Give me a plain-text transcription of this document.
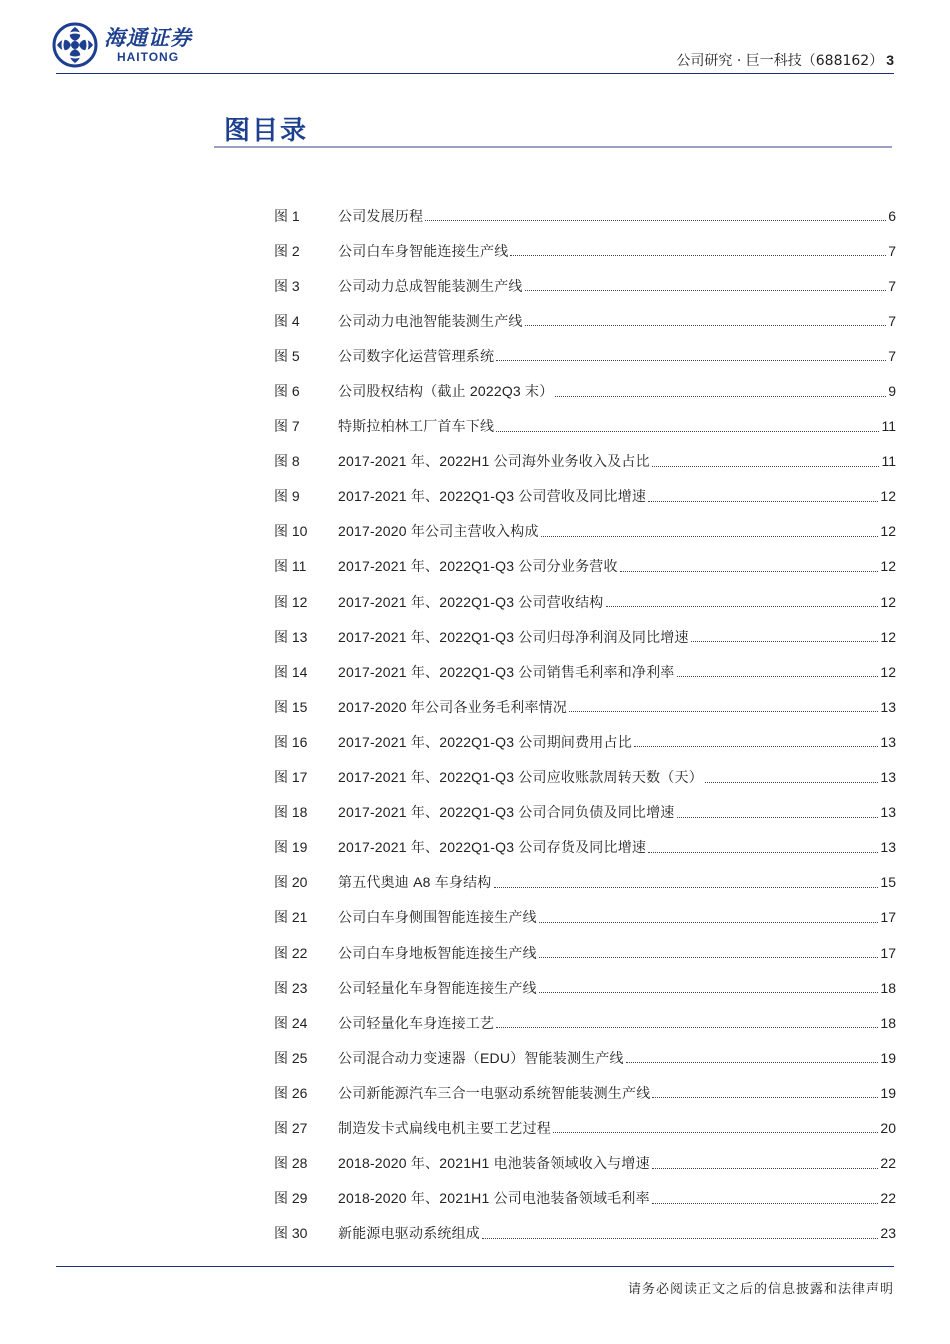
海通证券
HAITONG	公司研究 · 巨一科技（688162） 3
图目录
图 1	公司发展历程	6
图 2	公司白车身智能连接生产线	7
图 3	公司动力总成智能装测生产线	7
图 4	公司动力电池智能装测生产线	7
图 5	公司数字化运营管理系统	7
图 6	公司股权结构（截止 2022Q3 末）	9
图 7	特斯拉柏林工厂首车下线	11
图 8	2017-2021 年、2022H1 公司海外业务收入及占比	11
图 9	2017-2021 年、2022Q1-Q3 公司营收及同比增速	12
图 10	2017-2020 年公司主营收入构成	12
图 11	2017-2021 年、2022Q1-Q3 公司分业务营收	12
图 12	2017-2021 年、2022Q1-Q3 公司营收结构	12
图 13	2017-2021 年、2022Q1-Q3 公司归母净利润及同比增速	12
图 14	2017-2021 年、2022Q1-Q3 公司销售毛利率和净利率	12
图 15	2017-2020 年公司各业务毛利率情况	13
图 16	2017-2021 年、2022Q1-Q3 公司期间费用占比	13
图 17	2017-2021 年、2022Q1-Q3 公司应收账款周转天数（天）	13
图 18	2017-2021 年、2022Q1-Q3 公司合同负债及同比增速	13
图 19	2017-2021 年、2022Q1-Q3 公司存货及同比增速	13
图 20	第五代奥迪 A8 车身结构	15
图 21	公司白车身侧围智能连接生产线	17
图 22	公司白车身地板智能连接生产线	17
图 23	公司轻量化车身智能连接生产线	18
图 24	公司轻量化车身连接工艺	18
图 25	公司混合动力变速器（EDU）智能装测生产线	19
图 26	公司新能源汽车三合一电驱动系统智能装测生产线	19
图 27	制造发卡式扁线电机主要工艺过程	20
图 28	2018-2020 年、2021H1 电池装备领域收入与增速	22
图 29	2018-2020 年、2021H1 公司电池装备领域毛利率	22
图 30	新能源电驱动系统组成	23
请务必阅读正文之后的信息披露和法律声明
